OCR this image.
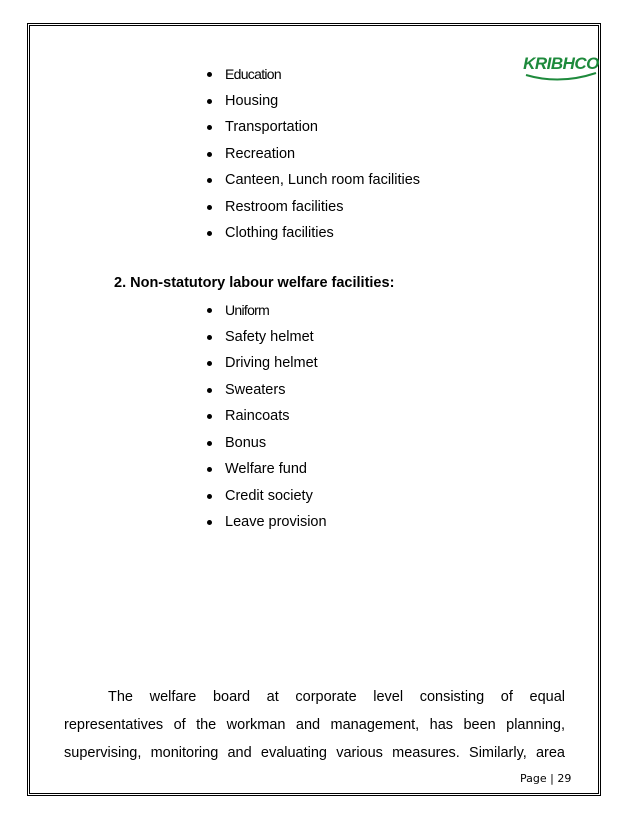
KRIBHCO
Education
Housing
Transportation
Recreation
Canteen, Lunch room facilities
Restroom facilities
Clothing facilities

2. Non-statutory labour welfare facilities:

Uniform
Safety helmet
Driving helmet
Sweaters
Raincoats
Bonus
Welfare fund
Credit society
Leave provision
The welfare board at corporate level consisting of equal
representatives of the workman and management, has been planning,
supervising, monitoring and evaluating various measures. Similarly, area

Page | 29
